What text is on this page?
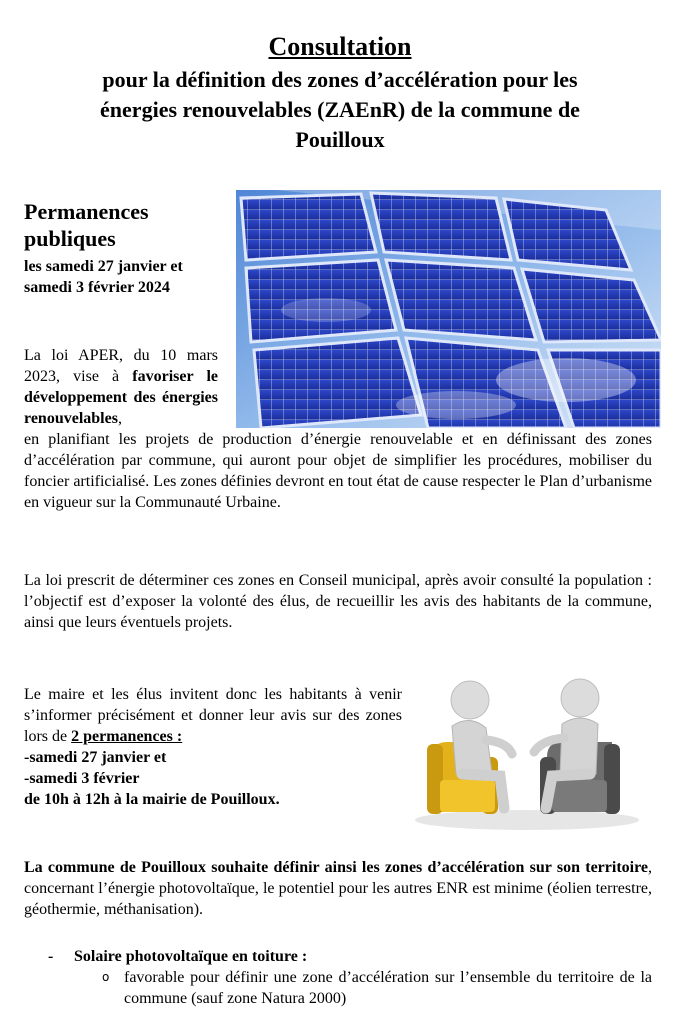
Consultation
pour la définition des zones d’accélération pour les
énergies renouvelables (ZAEnR) de la commune de
Pouilloux
Permanences
publiques
les samedi 27 janvier et
samedi 3 février 2024
La loi APER, du 10 mars 2023, vise à favoriser le développement des énergies renouvelables,
en planifiant les projets de production d’énergie renouvelable et en définissant des zones d’accélération par commune, qui auront pour objet de simplifier les procédures, mobiliser du foncier artificialisé. Les zones définies devront en tout état de cause respecter le Plan d’urbanisme en vigueur sur la Communauté Urbaine.
La loi prescrit de déterminer ces zones en Conseil municipal, après avoir consulté la population : l’objectif est d’exposer la volonté des élus, de recueillir les avis des habitants de la commune, ainsi que leurs éventuels projets.
Le maire et les élus invitent donc les habitants à venir s’informer précisément et donner leur avis sur des zones lors de 2 permanences :
-samedi 27 janvier et
-samedi 3 février
de 10h à 12h à la mairie de Pouilloux.
La commune de Pouilloux souhaite définir ainsi les zones d’accélération sur son territoire, concernant l’énergie photovoltaïque, le potentiel pour les autres ENR est minime (éolien terrestre, géothermie, méthanisation).
- Solaire photovoltaïque en toiture :
o favorable pour définir une zone d’accélération sur l’ensemble du territoire de la commune (sauf zone Natura 2000)
